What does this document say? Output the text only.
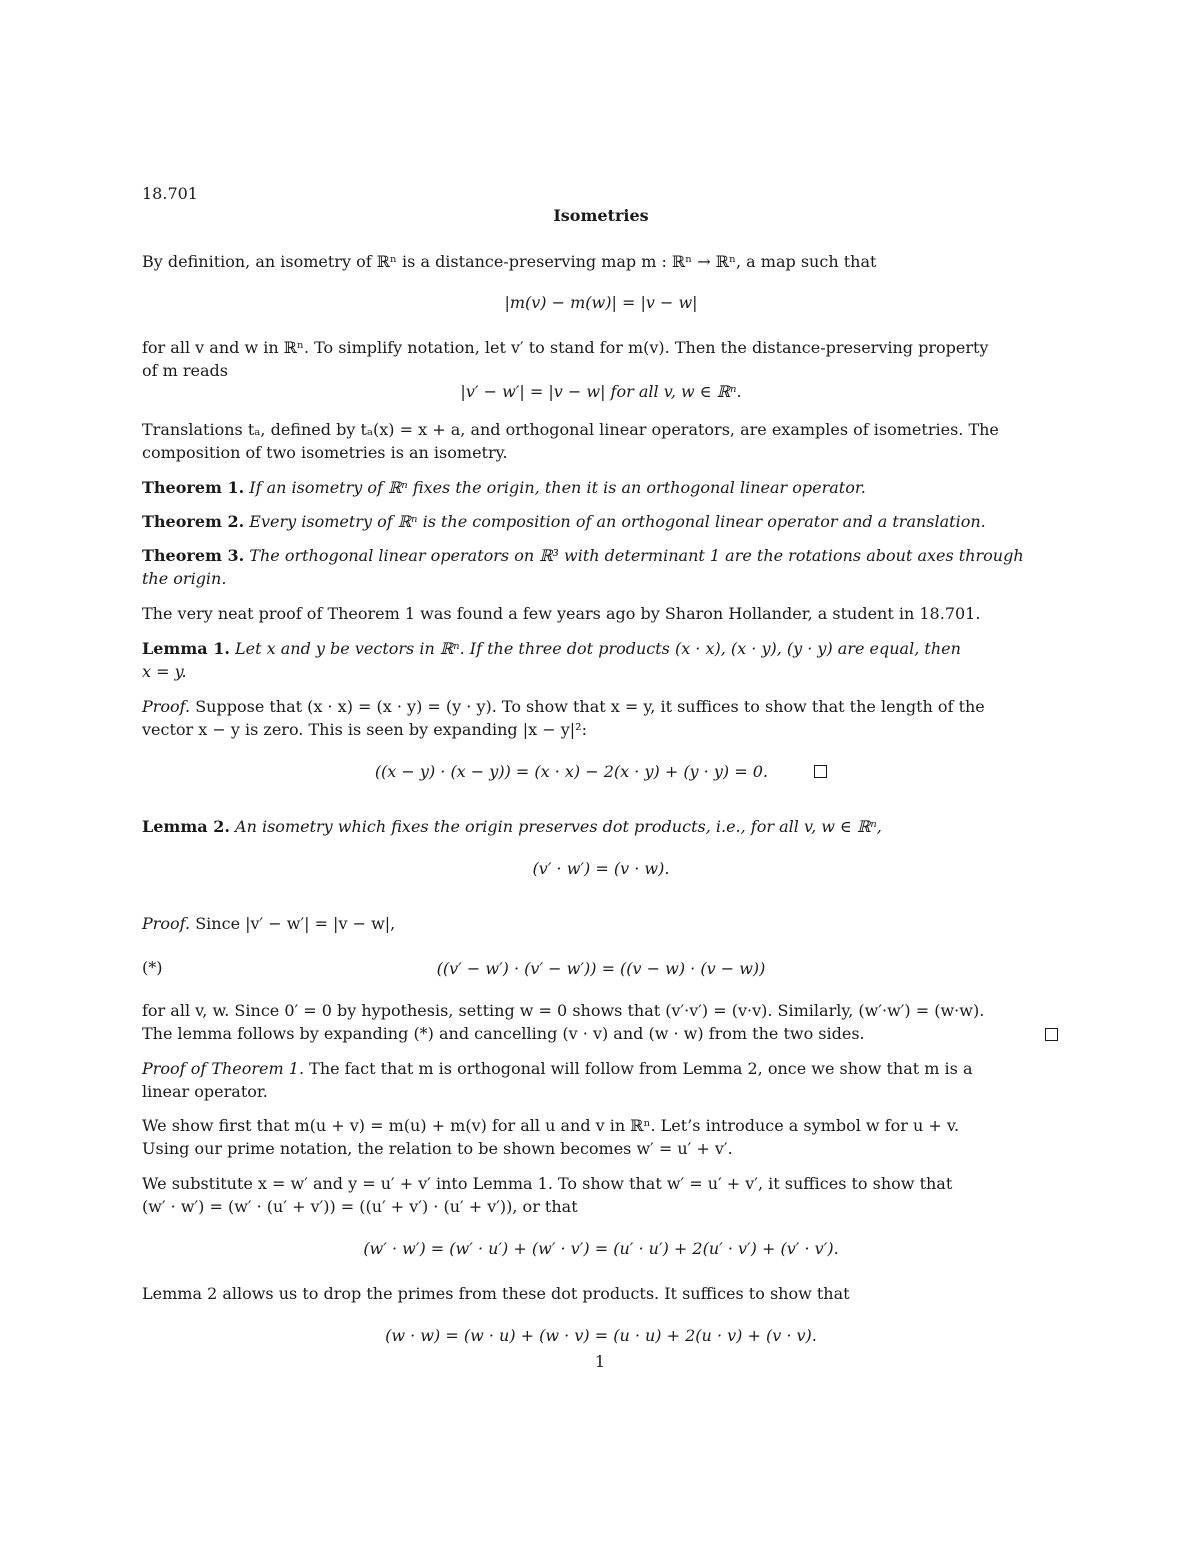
18.701
Isometries
By definition, an isometry of ℝⁿ is a distance-preserving map m : ℝⁿ → ℝⁿ, a map such that
|m(v) − m(w)| = |v − w|
for all v and w in ℝⁿ. To simplify notation, let v′ to stand for m(v). Then the distance-preserving property
of m reads
|v′ − w′| = |v − w| for all v, w ∈ ℝⁿ.
Translations tₐ, defined by tₐ(x) = x + a, and orthogonal linear operators, are examples of isometries. The
composition of two isometries is an isometry.
Theorem 1. If an isometry of ℝⁿ fixes the origin, then it is an orthogonal linear operator.
Theorem 2. Every isometry of ℝⁿ is the composition of an orthogonal linear operator and a translation.
Theorem 3. The orthogonal linear operators on ℝ³ with determinant 1 are the rotations about axes through
the origin.
The very neat proof of Theorem 1 was found a few years ago by Sharon Hollander, a student in 18.701.
Lemma 1. Let x and y be vectors in ℝⁿ. If the three dot products (x · x), (x · y), (y · y) are equal, then
x = y.
Proof. Suppose that (x · x) = (x · y) = (y · y). To show that x = y, it suffices to show that the length of the
vector x − y is zero. This is seen by expanding |x − y|²:
((x − y) · (x − y)) = (x · x) − 2(x · y) + (y · y) = 0.
Lemma 2. An isometry which fixes the origin preserves dot products, i.e., for all v, w ∈ ℝⁿ,
(v′ · w′) = (v · w).
Proof. Since |v′ − w′| = |v − w|,
(*)	((v′ − w′) · (v′ − w′)) = ((v − w) · (v − w))
for all v, w. Since 0′ = 0 by hypothesis, setting w = 0 shows that (v′·v′) = (v·v). Similarly, (w′·w′) = (w·w).
The lemma follows by expanding (*) and cancelling (v · v) and (w · w) from the two sides.
Proof of Theorem 1. The fact that m is orthogonal will follow from Lemma 2, once we show that m is a
linear operator.
We show first that m(u + v) = m(u) + m(v) for all u and v in ℝⁿ. Let’s introduce a symbol w for u + v.
Using our prime notation, the relation to be shown becomes w′ = u′ + v′.
We substitute x = w′ and y = u′ + v′ into Lemma 1. To show that w′ = u′ + v′, it suffices to show that
(w′ · w′) = (w′ · (u′ + v′)) = ((u′ + v′) · (u′ + v′)), or that
(w′ · w′) = (w′ · u′) + (w′ · v′) = (u′ · u′) + 2(u′ · v′) + (v′ · v′).
Lemma 2 allows us to drop the primes from these dot products. It suffices to show that
(w · w) = (w · u) + (w · v) = (u · u) + 2(u · v) + (v · v).
1
